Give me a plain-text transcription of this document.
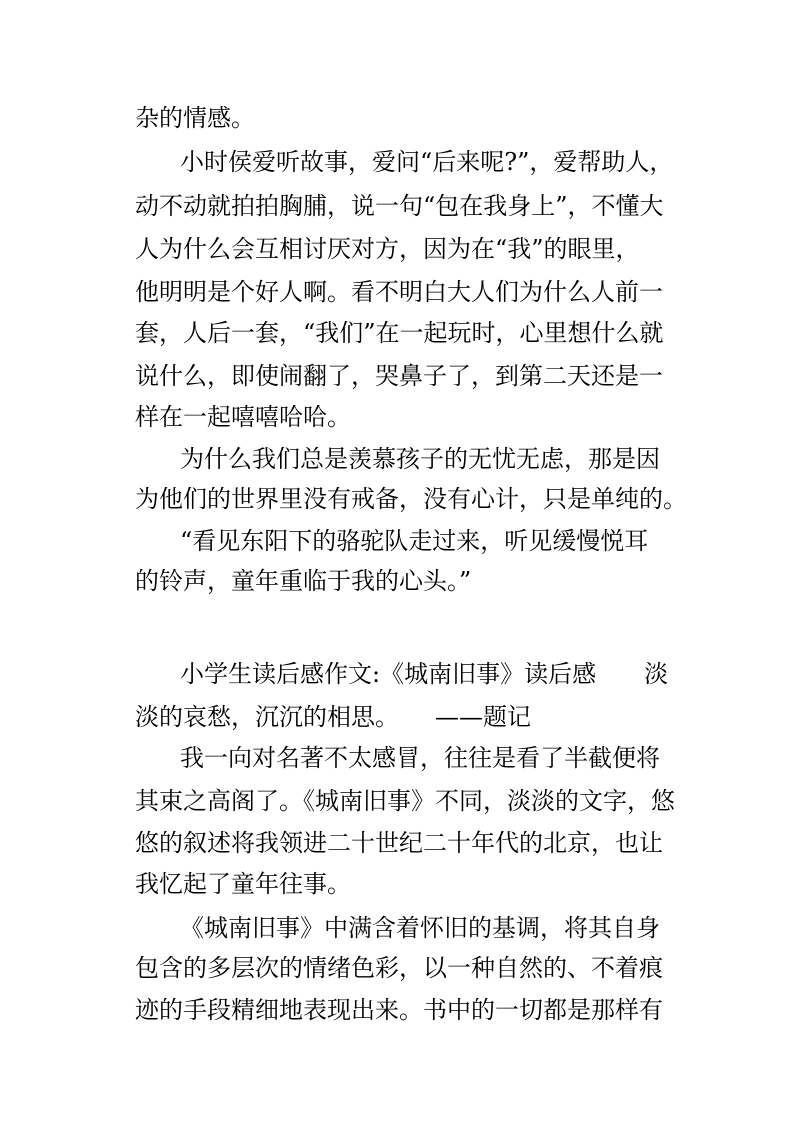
杂的情感。
小时侯爱听故事，爱问“后来呢?”，爱帮助人，
动不动就拍拍胸脯，说一句“包在我身上”，不懂大
人为什么会互相讨厌对方，因为在“我”的眼里，
他明明是个好人啊。看不明白大人们为什么人前一
套，人后一套，“我们”在一起玩时，心里想什么就
说什么，即使闹翻了，哭鼻子了，到第二天还是一
样在一起嘻嘻哈哈。
为什么我们总是羡慕孩子的无忧无虑，那是因
为他们的世界里没有戒备，没有心计，只是单纯的。
“看见东阳下的骆驼队走过来，听见缓慢悦耳
的铃声，童年重临于我的心头。”
小学生读后感作文:《城南旧事》读后感　　淡
淡的哀愁，沉沉的相思。　　——题记
我一向对名著不太感冒，往往是看了半截便将
其束之高阁了。《城南旧事》不同，淡淡的文字，悠
悠的叙述将我领进二十世纪二十年代的北京，也让
我忆起了童年往事。
《城南旧事》中满含着怀旧的基调，将其自身
包含的多层次的情绪色彩，以一种自然的、不着痕
迹的手段精细地表现出来。书中的一切都是那样有
